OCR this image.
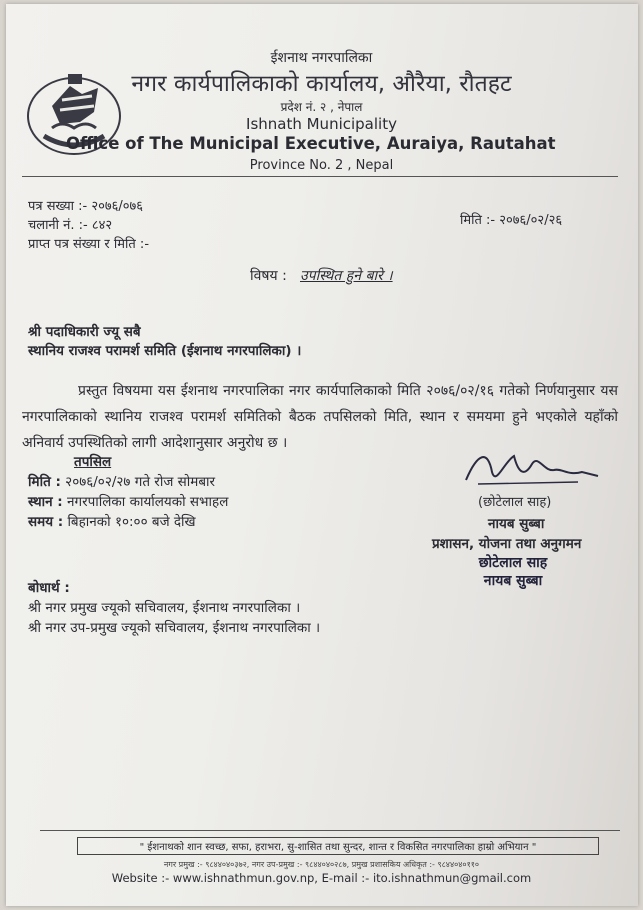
ईशनाथ नगरपालिका
नगर कार्यपालिकाको कार्यालय, औरैया, रौतहट
प्रदेश नं. २ , नेपाल
Ishnath Municipality
Office of The Municipal Executive, Auraiya, Rautahat
Province No. 2 , Nepal
पत्र सख्या :- २०७६/०७६
चलानी नं. :- ८४२
प्राप्त पत्र संख्या र मिति :-
मिति :- २०७६/०२/२६
विषय : उपस्थित हुने बारे ।
श्री पदाधिकारी ज्यू सबै
स्थानिय राजश्व परामर्श समिति (ईशनाथ नगरपालिका) ।
प्रस्तुत विषयमा यस ईशनाथ नगरपालिका नगर कार्यपालिकाको मिति २०७६/०२/१६ गतेको निर्णयानुसार यस नगरपालिकाको स्थानिय राजश्व परामर्श समितिको बैठक तपसिलको मिति, स्थान र समयमा हुने भएकोले यहाँको अनिवार्य उपस्थितिको लागी आदेशानुसार अनुरोध छ ।
तपसिल
मिति : २०७६/०२/२७ गते रोज सोमबार
स्थान : नगरपालिका कार्यालयको सभाहल
समय : बिहानको १०:०० बजे देखि
(छोटेलाल साह)
नायब सुब्बा
प्रशासन, योजना तथा अनुगमन
छोटेलाल साह
नायब सुब्बा
बोधार्थ :
श्री नगर प्रमुख ज्यूको सचिवालय, ईशनाथ नगरपालिका ।
श्री नगर उप-प्रमुख ज्यूको सचिवालय, ईशनाथ नगरपालिका ।
" ईशनाथको शान स्वच्छ, सफा, हराभरा, सु-शासित तथा सुन्दर, शान्त र विकसित नगरपालिका हाम्रो अभियान "
नगर प्रमुख :- ९८४४०४०३७२, नगर उप-प्रमुख :- ९८४४०४०२८७, प्रमुख प्रशासकिय अधिकृत :- ९८४४०४०११०
Website :- www.ishnathmun.gov.np, E-mail :- ito.ishnathmun@gmail.com
